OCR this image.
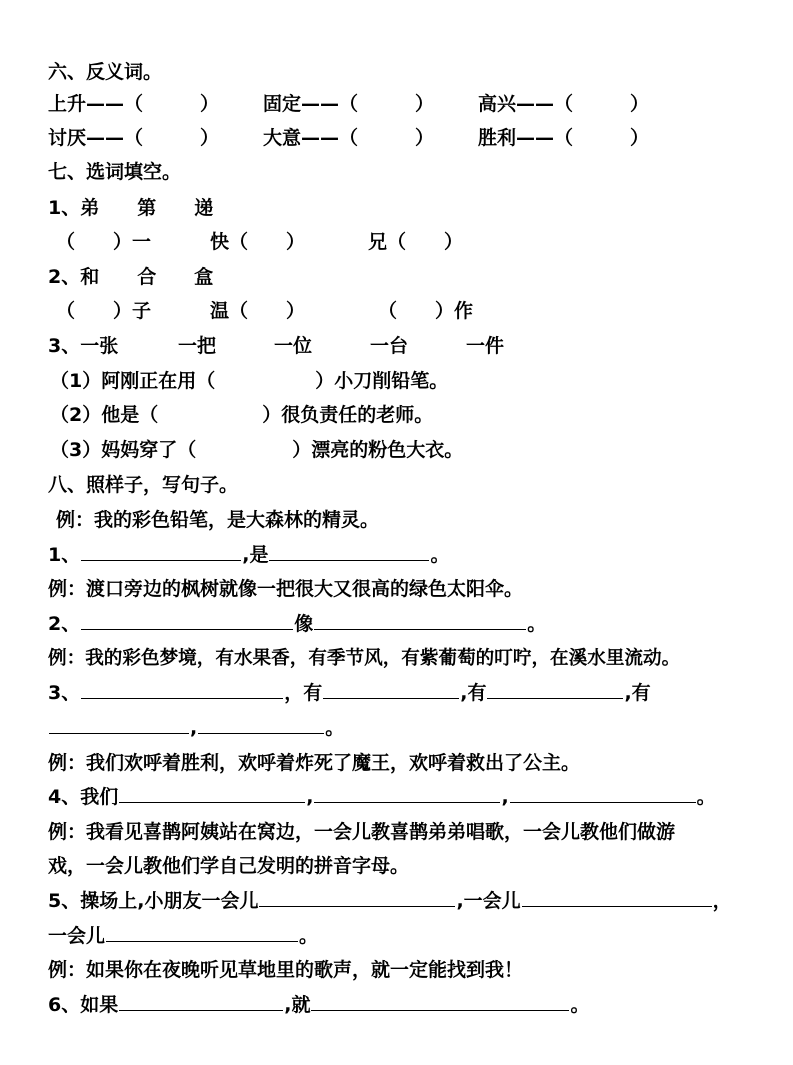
六、反义词。
上升——（　　　） 固定——（　　　） 高兴——（　　　）
讨厌——（　　　） 大意——（　　　） 胜利——（　　　）
七、选词填空。
1、弟　　第　　递
（　　）一	快（　　）	兄（　　）
2、和　　合　　盒
（　　）子	温（　　）	（　　）作
3、一张	一把	一位	一台	一件
（1）阿刚正在用（	）小刀削铅笔。
（2）他是（	）很负责任的老师。
（3）妈妈穿了（	）漂亮的粉色大衣。
八、照样子，写句子。
例：我的彩色铅笔，是大森林的精灵。
1、	,是	。
例：渡口旁边的枫树就像一把很大又很高的绿色太阳伞。
2、	像	。
例：我的彩色梦境，有水果香，有季节风，有紫葡萄的叮咛，在溪水里流动。
3、	，有	,有	,有
,	。
例：我们欢呼着胜利，欢呼着炸死了魔王，欢呼着救出了公主。
4、我们	,	,	。
例：我看见喜鹊阿姨站在窝边，一会儿教喜鹊弟弟唱歌，一会儿教他们做游
戏，一会儿教他们学自己发明的拼音字母。
5、操场上,小朋友一会儿	,一会儿	，
一会儿	。
例：如果你在夜晚听见草地里的歌声，就一定能找到我！
6、如果	,就	。
